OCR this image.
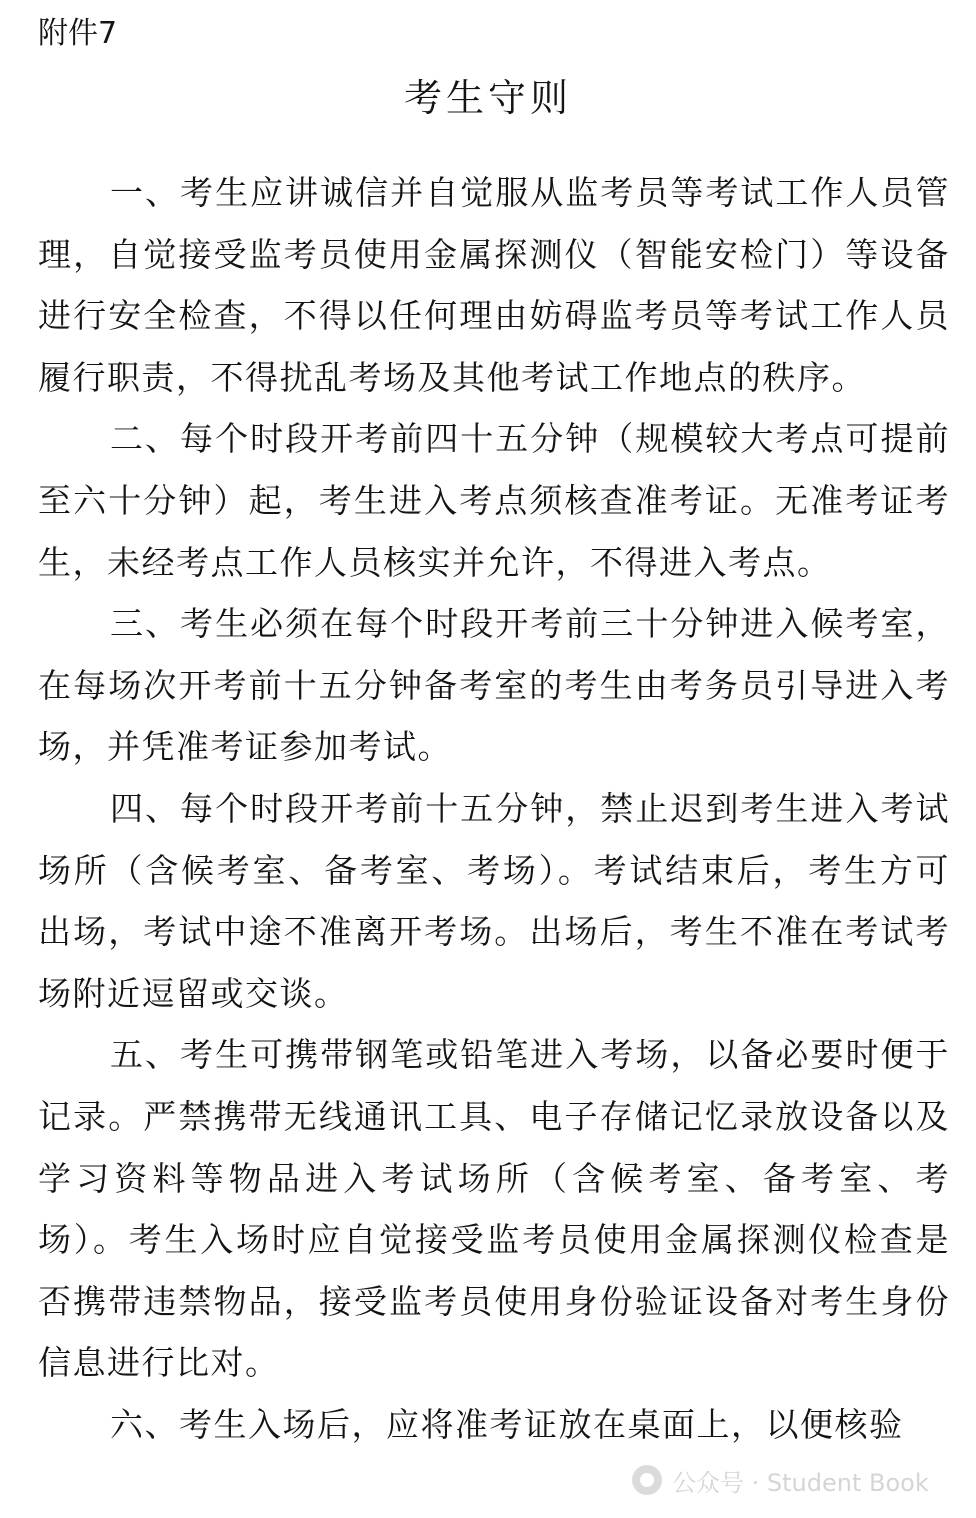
附件7
考生守则

一、考生应讲诚信并自觉服从监考员等考试工作人员管理，自觉接受监考员使用金属探测仪（智能安检门）等设备进行安全检查，不得以任何理由妨碍监考员等考试工作人员履行职责，不得扰乱考场及其他考试工作地点的秩序。

二、每个时段开考前四十五分钟（规模较大考点可提前至六十分钟）起，考生进入考点须核查准考证。无准考证考生，未经考点工作人员核实并允许，不得进入考点。

三、考生必须在每个时段开考前三十分钟进入候考室，在每场次开考前十五分钟备考室的考生由考务员引导进入考场，并凭准考证参加考试。

四、每个时段开考前十五分钟，禁止迟到考生进入考试场所（含候考室、备考室、考场）。考试结束后，考生方可出场，考试中途不准离开考场。出场后，考生不准在考试考场附近逗留或交谈。

五、考生可携带钢笔或铅笔进入考场，以备必要时便于记录。严禁携带无线通讯工具、电子存储记忆录放设备以及学习资料等物品进入考试场所（含候考室、备考室、考场）。考生入场时应自觉接受监考员使用金属探测仪检查是否携带违禁物品，接受监考员使用身份验证设备对考生身份信息进行比对。

六、考生入场后，应将准考证放在桌面上，以便核验

公众号 · Student Book
